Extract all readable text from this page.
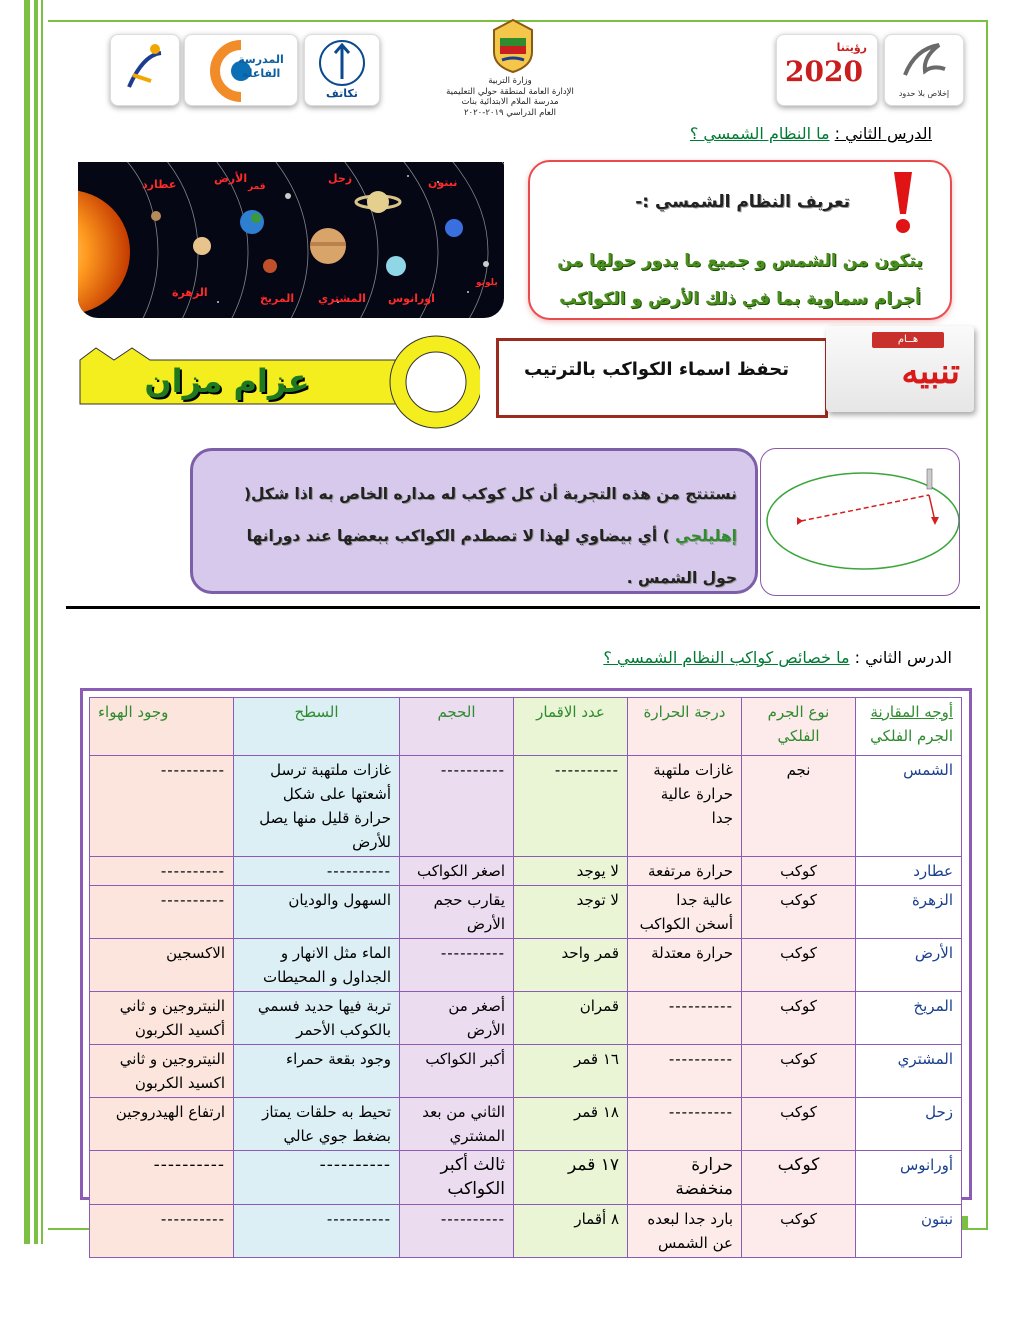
المدرسة الفاعلة
تكاتف
وزارة التربية
الإدارة العامة لمنطقة حولي التعليمية
مدرسة الملام الابتدائية بنات
العام الدراسي ٢٠١٩-٢٠٢٠
رؤيتنا
2020
إخلاص بلا حدود
الدرس الثاني : ما النظام الشمسي ؟
عطارد	الأرض
قمر
زحل	نبتون
الزهرة	المريخ المشتري اورانوس
بلوتو
تعريف النظام الشمسي :-
يتكون من الشمس و جميع ما يدور حولها من أجرام سماوية بما في ذلك الأرض و الكواكب
عزام مزان	تحفظ اسماء الكواكب بالترتيب
هــام
تنبيه
نستنتج من هذه التجربة أن كل كوكب له مداره الخاص به اذا شكل( إهليلجي ) أي بيضاوي لهذا لا تصطدم الكواكب ببعضها عند دورانها حول الشمس .
الدرس الثاني : ما خصائص كواكب النظام الشمسي ؟
أوجه المقارنة
الجرم الفلكي	نوع الجرم الفلكي	درجة الحرارة	عدد الاقمار	الحجم	السطح	وجود الهواء
الشمس	نجم	غازات ملتهبة حرارة عالية جدا	----------	----------	غازات ملتهبة ترسل أشعتها على شكل حرارة قليل منها يصل للأرض	----------
عطارد	كوكب	حرارة مرتفعة	لا يوجد	اصغر الكواكب	----------	----------
الزهرة	كوكب	عالية جدا أسخن الكواكب	لا توجد	يقارب حجم الأرض	السهول والوديان	----------
الأرض	كوكب	حرارة معتدلة	قمر واحد	----------	الماء مثل الانهار و الجداول و المحيطات	الاكسجين
المريخ	كوكب	----------	قمران	أصغر من الأرض	تربة فيها حديد فسمي بالكوكب الأحمر	النيتروجين و ثاني أكسيد الكربون
المشتري	كوكب	----------	١٦ قمر	أكبر الكواكب	وجود بقعة حمراء	النيتروجين و ثاني اكسيد الكربون
زحل	كوكب	----------	١٨ قمر	الثاني من بعد المشتري	تحيط به حلقات يمتاز بضغط جوي عالي	ارتفاع الهيدروجين
أورانوس	كوكب	حرارة منخفضة	١٧ قمر	ثالث أكبر الكواكب	----------	----------
نبتون	كوكب	بارد جدا لبعده عن الشمس	٨ أقمار	----------	----------	----------
